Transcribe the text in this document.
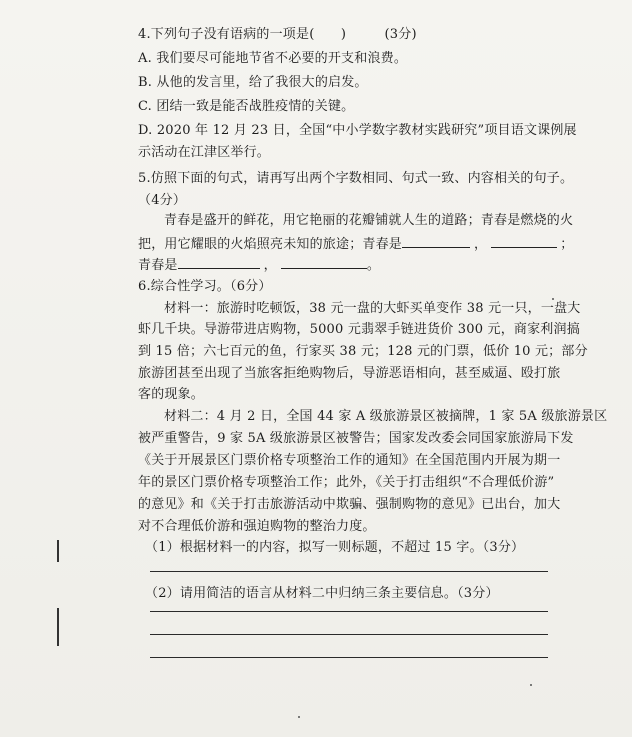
4.下列句子没有语病的一项是(　　)	(3分)
A. 我们要尽可能地节省不必要的开支和浪费。
B. 从他的发言里，给了我很大的启发。
C. 团结一致是能否战胜疫情的关键。
D. 2020 年 12 月 23 日，全国“中小学数字教材实践研究”项目语文课例展
示活动在江津区举行。
5.仿照下面的句式，请再写出两个字数相同、句式一致、内容相关的句子。
（4分）
青春是盛开的鲜花，用它艳丽的花瓣铺就人生的道路；青春是燃烧的火
把，用它耀眼的火焰照亮未知的旅途；青春是	，	；
青春是	，	。
6.综合性学习。（6分）
材料一：旅游时吃顿饭，38 元一盘的大虾买单变作 38 元一只，一盘大
虾几千块。导游带进店购物，5000 元翡翠手链进货价 300 元，商家利润搞
到 15 倍；六七百元的鱼，行家买 38 元；128 元的门票，低价 10 元；部分
旅游团甚至出现了当旅客拒绝购物后，导游恶语相向，甚至威逼、殴打旅
客的现象。
材料二：4 月 2 日，全国 44 家 A 级旅游景区被摘牌，1 家 5A 级旅游景区
被严重警告，9 家 5A 级旅游景区被警告；国家发改委会同国家旅游局下发
《关于开展景区门票价格专项整治工作的通知》在全国范围内开展为期一
年的景区门票价格专项整治工作；此外，《关于打击组织“不合理低价游”
的意见》和《关于打击旅游活动中欺骗、强制购物的意见》已出台，加大
对不合理低价游和强迫购物的整治力度。
（1）根据材料一的内容，拟写一则标题，不超过 15 字。（3分）
（2）请用简洁的语言从材料二中归纳三条主要信息。（3分）
